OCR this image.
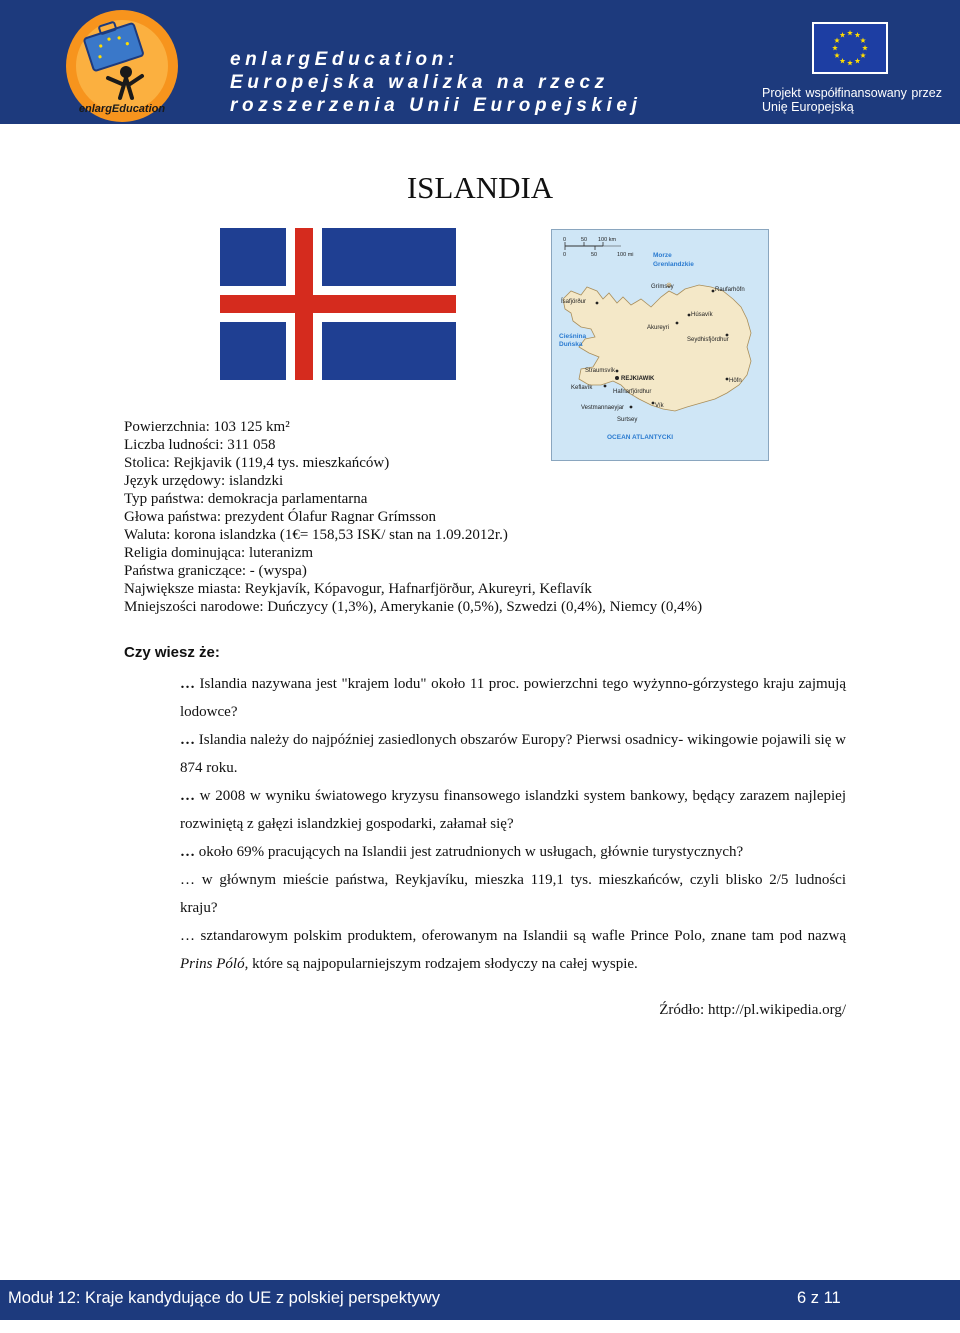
enlargEducation
enlargEducation:
Europejska walizka na rzecz
rozszerzenia Unii Europejskiej
Projekt współfinansowany przez
Unię Europejską
ISLANDIA
0	50 100 km
0	50	100 mi	Morze
Grenlandzkie
Cieśnina
Duńska
OCEAN ATLANTYCKI
Grímsey	Raufarhöfn
Ísafjörður
Húsavík
Akureyri
Seydhisfjördhur
Straumsvík
REJKIAWIK
Keflavík
Hafnarfjördhur
Höfn
Vestmannaeyjar	Vík
Surtsey
Powierzchnia: 103 125 km²
Liczba ludności: 311 058
Stolica: Rejkjavik (119,4 tys. mieszkańców)
Język urzędowy: islandzki
Typ państwa: demokracja parlamentarna
Głowa państwa: prezydent Ólafur Ragnar Grímsson
Waluta: korona islandzka (1€= 158,53 ISK/ stan na 1.09.2012r.)
Religia dominująca: luteranizm
Państwa graniczące: - (wyspa)
Największe miasta: Reykjavík, Kópavogur, Hafnarfjörður, Akureyri, Keflavík
Mniejszości narodowe: Duńczycy (1,3%), Amerykanie (0,5%), Szwedzi (0,4%), Niemcy (0,4%)
Czy wiesz że:
… Islandia nazywana jest "krajem lodu" około 11 proc. powierzchni tego wyżynno-górzystego kraju zajmują lodowce?
… Islandia należy do najpóźniej zasiedlonych obszarów Europy? Pierwsi osadnicy- wikingowie pojawili się w 874 roku.
… w 2008 w wyniku światowego kryzysu finansowego islandzki system bankowy, będący zarazem najlepiej rozwiniętą z gałęzi islandzkiej gospodarki, załamał się?
… około 69% pracujących na Islandii jest zatrudnionych w usługach, głównie turystycznych?
… w głównym mieście państwa, Reykjavíku, mieszka 119,1 tys. mieszkańców, czyli blisko 2/5 ludności kraju?
… sztandarowym polskim produktem, oferowanym na Islandii są wafle Prince Polo, znane tam pod nazwą Prins Póló, które są najpopularniejszym rodzajem słodyczy na całej wyspie.
Źródło: http://pl.wikipedia.org/
Moduł 12: Kraje kandydujące do UE z polskiej perspektywy	6 z 11
